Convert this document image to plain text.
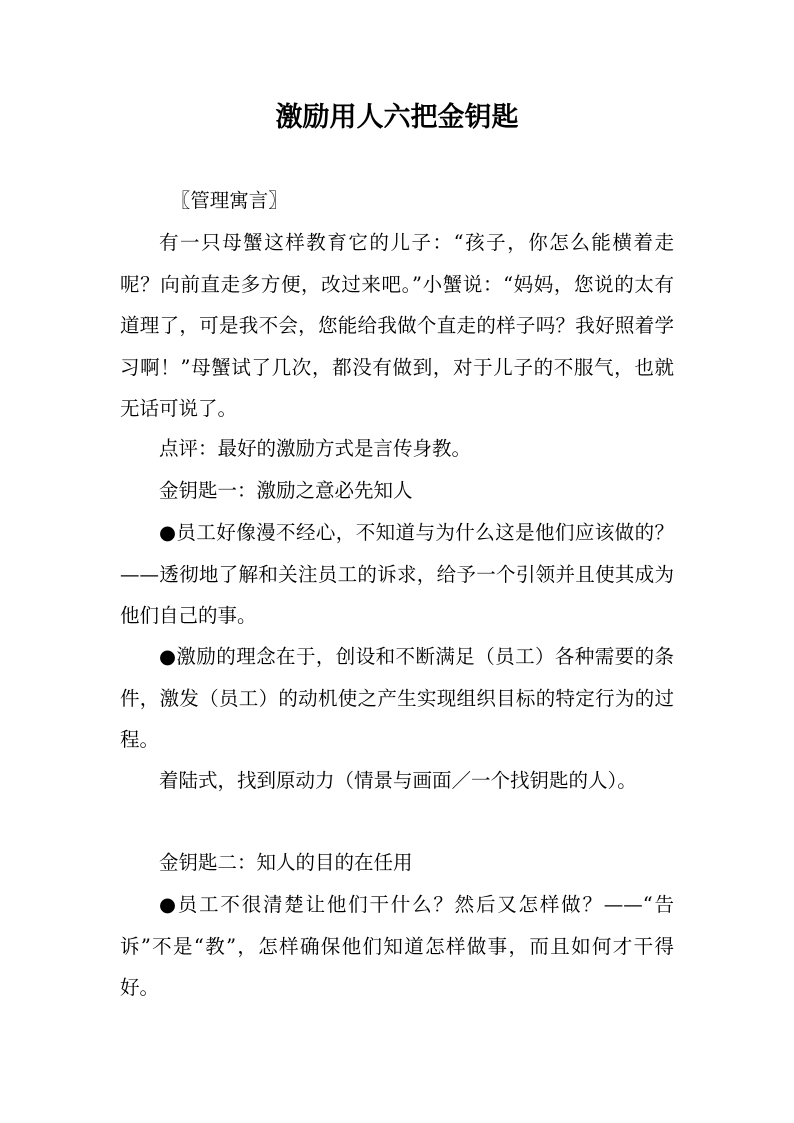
激励用人六把金钥匙

〖管理寓言〗

有一只母蟹这样教育它的儿子：“孩子，你怎么能横着走呢？向前直走多方便，改过来吧。”小蟹说：“妈妈，您说的太有道理了，可是我不会，您能给我做个直走的样子吗？我好照着学习啊！”母蟹试了几次，都没有做到，对于儿子的不服气，也就无话可说了。

点评：最好的激励方式是言传身教。

金钥匙一：激励之意必先知人

●员工好像漫不经心，不知道与为什么这是他们应该做的？——透彻地了解和关注员工的诉求，给予一个引领并且使其成为他们自己的事。

●激励的理念在于，创设和不断满足（员工）各种需要的条件，激发（员工）的动机使之产生实现组织目标的特定行为的过程。

着陆式，找到原动力（情景与画面／一个找钥匙的人）。

金钥匙二：知人的目的在任用

●员工不很清楚让他们干什么？然后又怎样做？——“告诉”不是“教”，怎样确保他们知道怎样做事，而且如何才干得好。
